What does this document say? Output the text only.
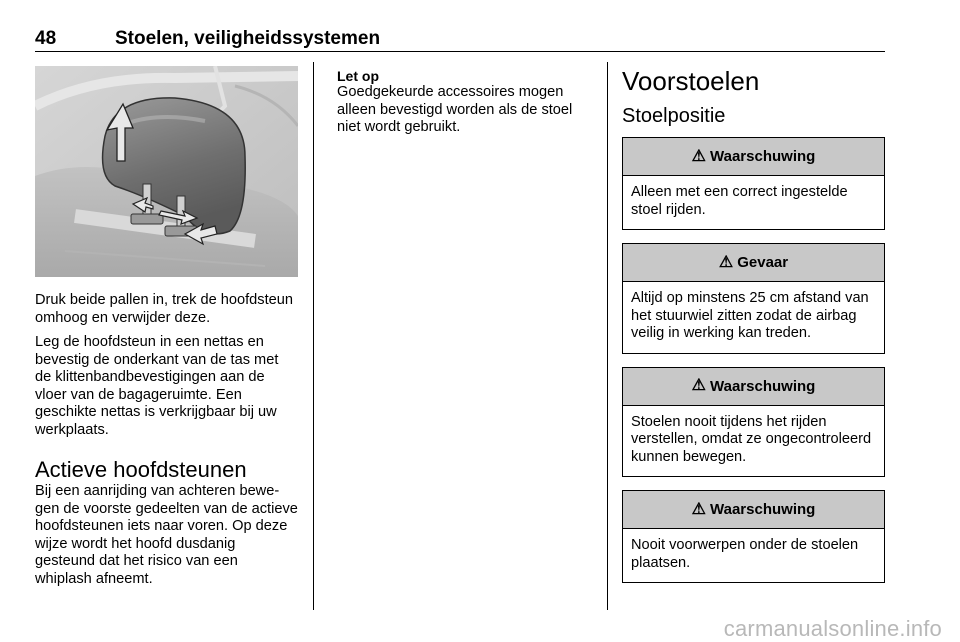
48	Stoelen, veiligheidssystemen

Druk beide pallen in, trek de hoofdsteun omhoog en verwijder deze.

Leg de hoofdsteun in een nettas en bevestig de onderkant van de tas met de klittenbandbevestigingen aan de vloer van de bagageruimte. Een geschikte nettas is verkrijgbaar bij uw werkplaats.

Actieve hoofdsteunen

Bij een aanrijding van achteren bewegen de voorste gedeelten van de actieve hoofdsteunen iets naar voren. Op deze wijze wordt het hoofd dusdanig gesteund dat het risico van een whiplash afneemt.

Let op
Goedgekeurde accessoires mogen alleen bevestigd worden als de stoel niet wordt gebruikt.
Voorstoelen
Stoelpositie
⚠ Waarschuwing
Alleen met een correct ingestelde stoel rijden.
⚠ Gevaar
Altijd op minstens 25 cm afstand van het stuurwiel zitten zodat de airbag veilig in werking kan treden.
⚠ Waarschuwing
Stoelen nooit tijdens het rijden verstellen, omdat ze ongecontroleerd kunnen bewegen.
⚠ Waarschuwing
Nooit voorwerpen onder de stoelen plaatsen.
carmanualsonline.info
